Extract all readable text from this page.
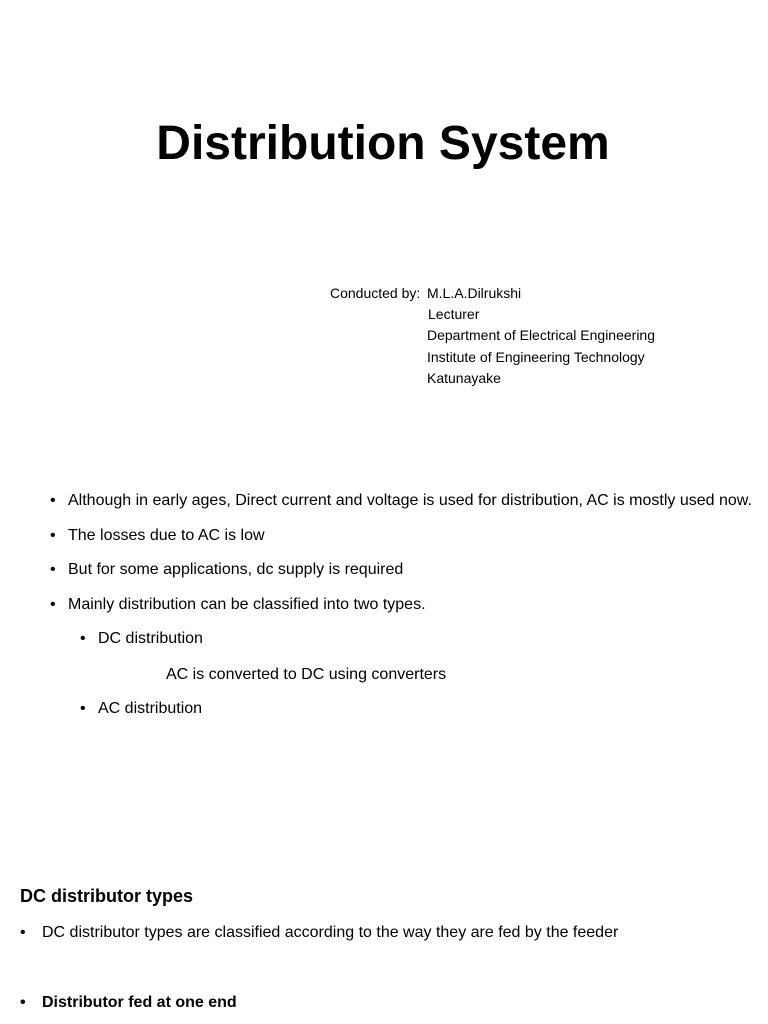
Distribution System
Conducted by: M.L.A.Dilrukshi
Lecturer
Department of Electrical Engineering
Institute of Engineering Technology
Katunayake
• Although in early ages, Direct current and voltage is used for distribution, AC is mostly used now.
• The losses due to AC is low
• But for some applications, dc supply is required
• Mainly distribution can be classified into two types.
• DC distribution
AC is converted to DC using converters
• AC distribution
DC distributor types
• DC distributor types are classified according to the way they are fed by the feeder
• Distributor fed at one end
